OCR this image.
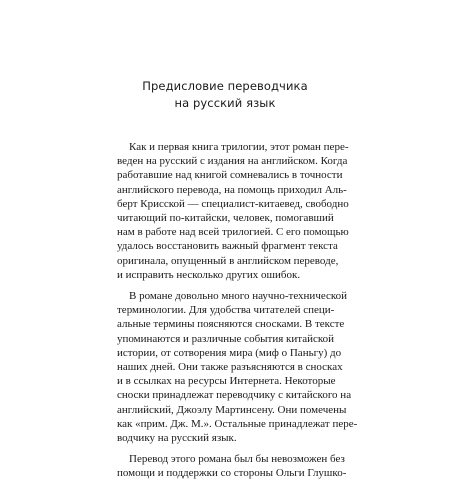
Предисловие переводчика
на русский язык
Как и первая книга трилогии, этот роман пере-
веден на русский с издания на английском. Когда
работавшие над книгой сомневались в точности
английского перевода, на помощь приходил Аль-
берт Крисской — специалист-китаевед, свободно
читающий по-китайски, человек, помогавший
нам в работе над всей трилогией. С его помощью
удалось восстановить важный фрагмент текста
оригинала, опущенный в английском переводе,
и исправить несколько других ошибок.
В романе довольно много научно-технической
терминологии. Для удобства читателей специ-
альные термины поясняются сносками. В тексте
упоминаются и различные события китайской
истории, от сотворения мира (миф о Паньгу) до
наших дней. Они также разъясняются в сносках
и в ссылках на ресурсы Интернета. Некоторые
сноски принадлежат переводчику с китайского на
английский, Джоэлу Мартинсену. Они помечены
как «прим. Дж. М.». Остальные принадлежат пере-
водчику на русский язык.
Перевод этого романа был бы невозможен без
помощи и поддержки со стороны Ольги Глушко-
